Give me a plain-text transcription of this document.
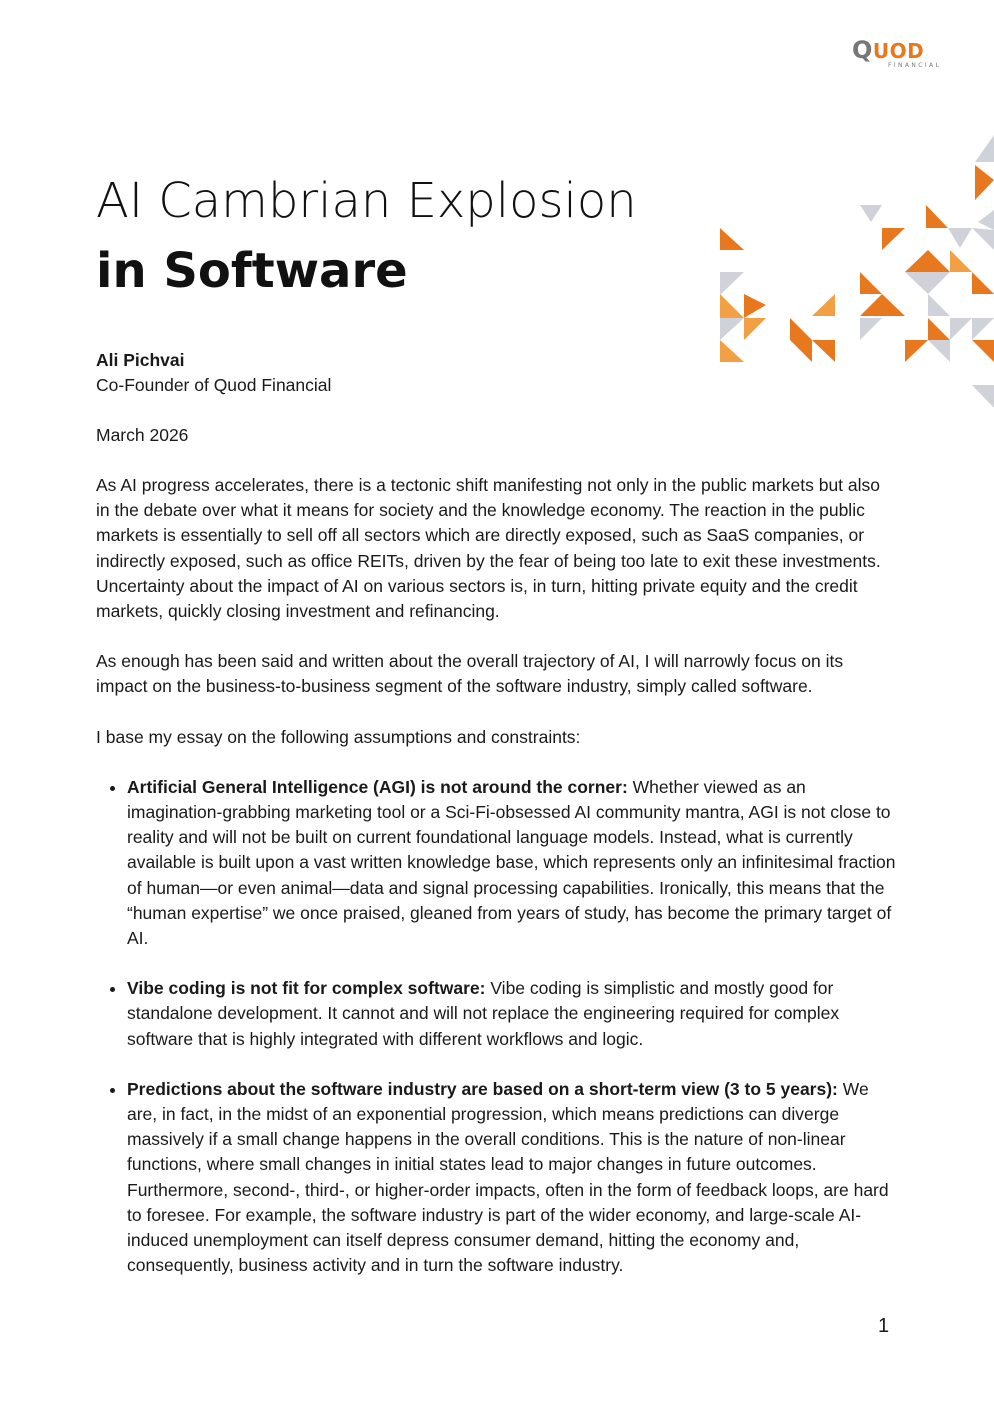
QUOD
FINANCIAL
AI Cambrian Explosion
in Software
Ali Pichvai
Co-Founder of Quod Financial
March 2026

As AI progress accelerates, there is a tectonic shift manifesting not only in the public markets but also in the debate over what it means for society and the knowledge economy. The reaction in the public markets is essentially to sell off all sectors which are directly exposed, such as SaaS companies, or indirectly exposed, such as office REITs, driven by the fear of being too late to exit these investments. Uncertainty about the impact of AI on various sectors is, in turn, hitting private equity and the credit markets, quickly closing investment and refinancing.

As enough has been said and written about the overall trajectory of AI, I will narrowly focus on its impact on the business-to-business segment of the software industry, simply called software.

I base my essay on the following assumptions and constraints:

• Artificial General Intelligence (AGI) is not around the corner: Whether viewed as an imagination-grabbing marketing tool or a Sci-Fi-obsessed AI community mantra, AGI is not close to reality and will not be built on current foundational language models. Instead, what is currently available is built upon a vast written knowledge base, which represents only an infinitesimal fraction of human—or even animal—data and signal processing capabilities. Ironically, this means that the “human expertise” we once praised, gleaned from years of study, has become the primary target of AI.
• Vibe coding is not fit for complex software: Vibe coding is simplistic and mostly good for standalone development. It cannot and will not replace the engineering required for complex software that is highly integrated with different workflows and logic.
• Predictions about the software industry are based on a short-term view (3 to 5 years): We are, in fact, in the midst of an exponential progression, which means predictions can diverge massively if a small change happens in the overall conditions. This is the nature of non-linear functions, where small changes in initial states lead to major changes in future outcomes. Furthermore, second-, third-, or higher-order impacts, often in the form of feedback loops, are hard to foresee. For example, the software industry is part of the wider economy, and large-scale AI-induced unemployment can itself depress consumer demand, hitting the economy and, consequently, business activity and in turn the software industry.
1
